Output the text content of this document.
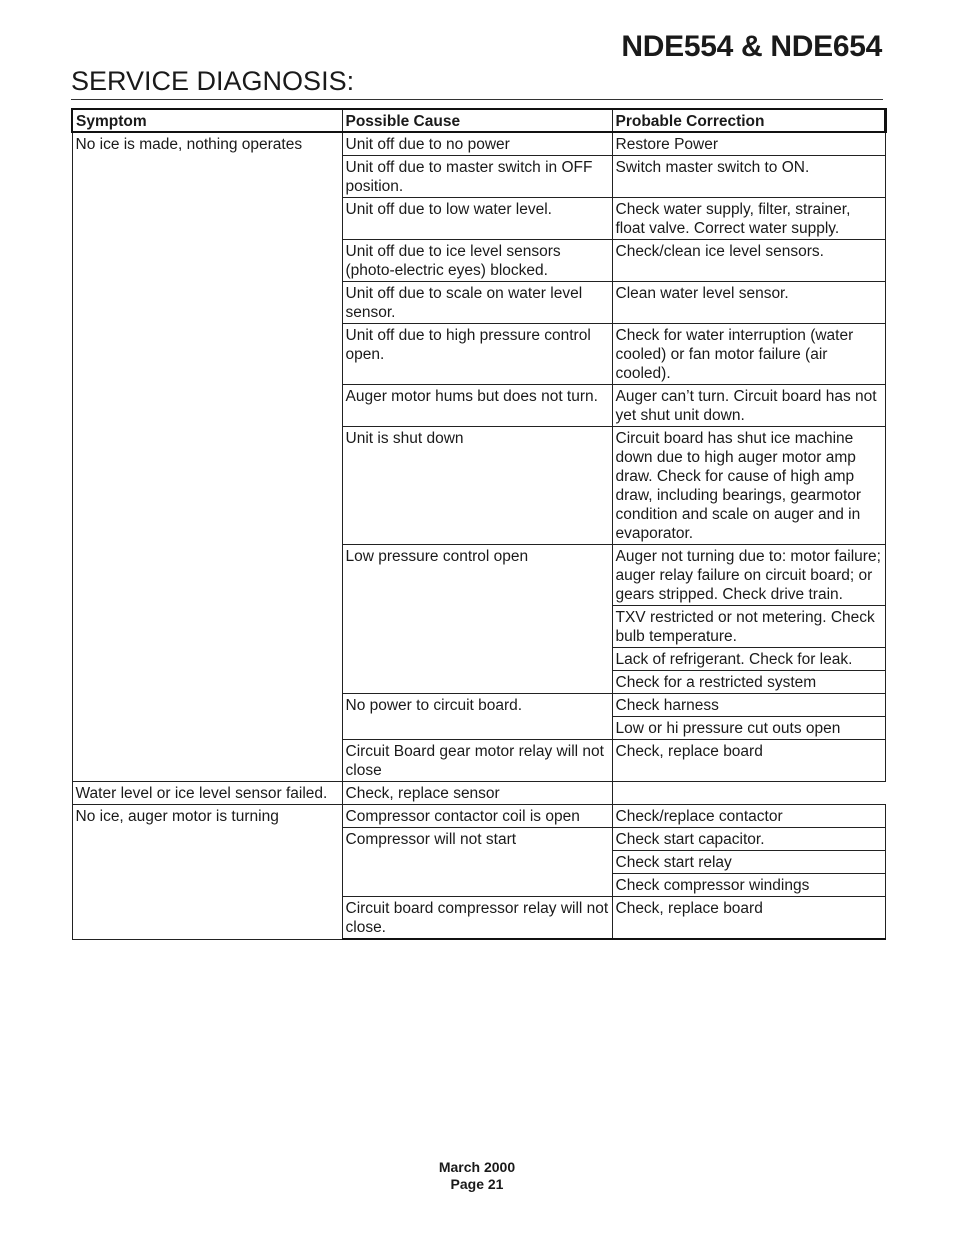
NDE554 & NDE654
SERVICE DIAGNOSIS:
Symptom	Possible Cause	Probable Correction
No ice is made, nothing operates	Unit off due to no power	Restore Power
	Unit off due to master switch in OFF position.	Switch master switch to ON.
	Unit off due to low water level.	Check water supply, filter, strainer, float valve. Correct water supply.
	Unit off due to ice level sensors (photo-electric eyes) blocked.	Check/clean ice level sensors.
	Unit off due to scale on water level sensor.	Clean water level sensor.
	Unit off due to high pressure control open.	Check for water interruption (water cooled) or fan motor failure (air cooled).
	Auger motor hums but does not turn.	Auger can’t turn. Circuit board has not yet shut unit down.
	Unit is shut down	Circuit board has shut ice machine down due to high auger motor amp draw. Check for cause of high amp draw, including bearings, gearmotor condition and scale on auger and in evaporator.
	Low pressure control open	Auger not turning due to: motor failure; auger relay failure on circuit board; or gears stripped. Check drive train.
		TXV restricted or not metering. Check bulb temperature.
		Lack of refrigerant. Check for leak.
		Check for a restricted system
	No power to circuit board.	Check harness
		Low or hi pressure cut outs open
	Circuit Board gear motor relay will not close	Check, replace board
Water level or ice level sensor failed.	Check, replace sensor	
No ice, auger motor is turning	Compressor contactor coil is open	Check/replace contactor
	Compressor will not start	Check start capacitor.
		Check start relay
		Check compressor windings
	Circuit board compressor relay will not close.	Check, replace board
March 2000
Page 21
